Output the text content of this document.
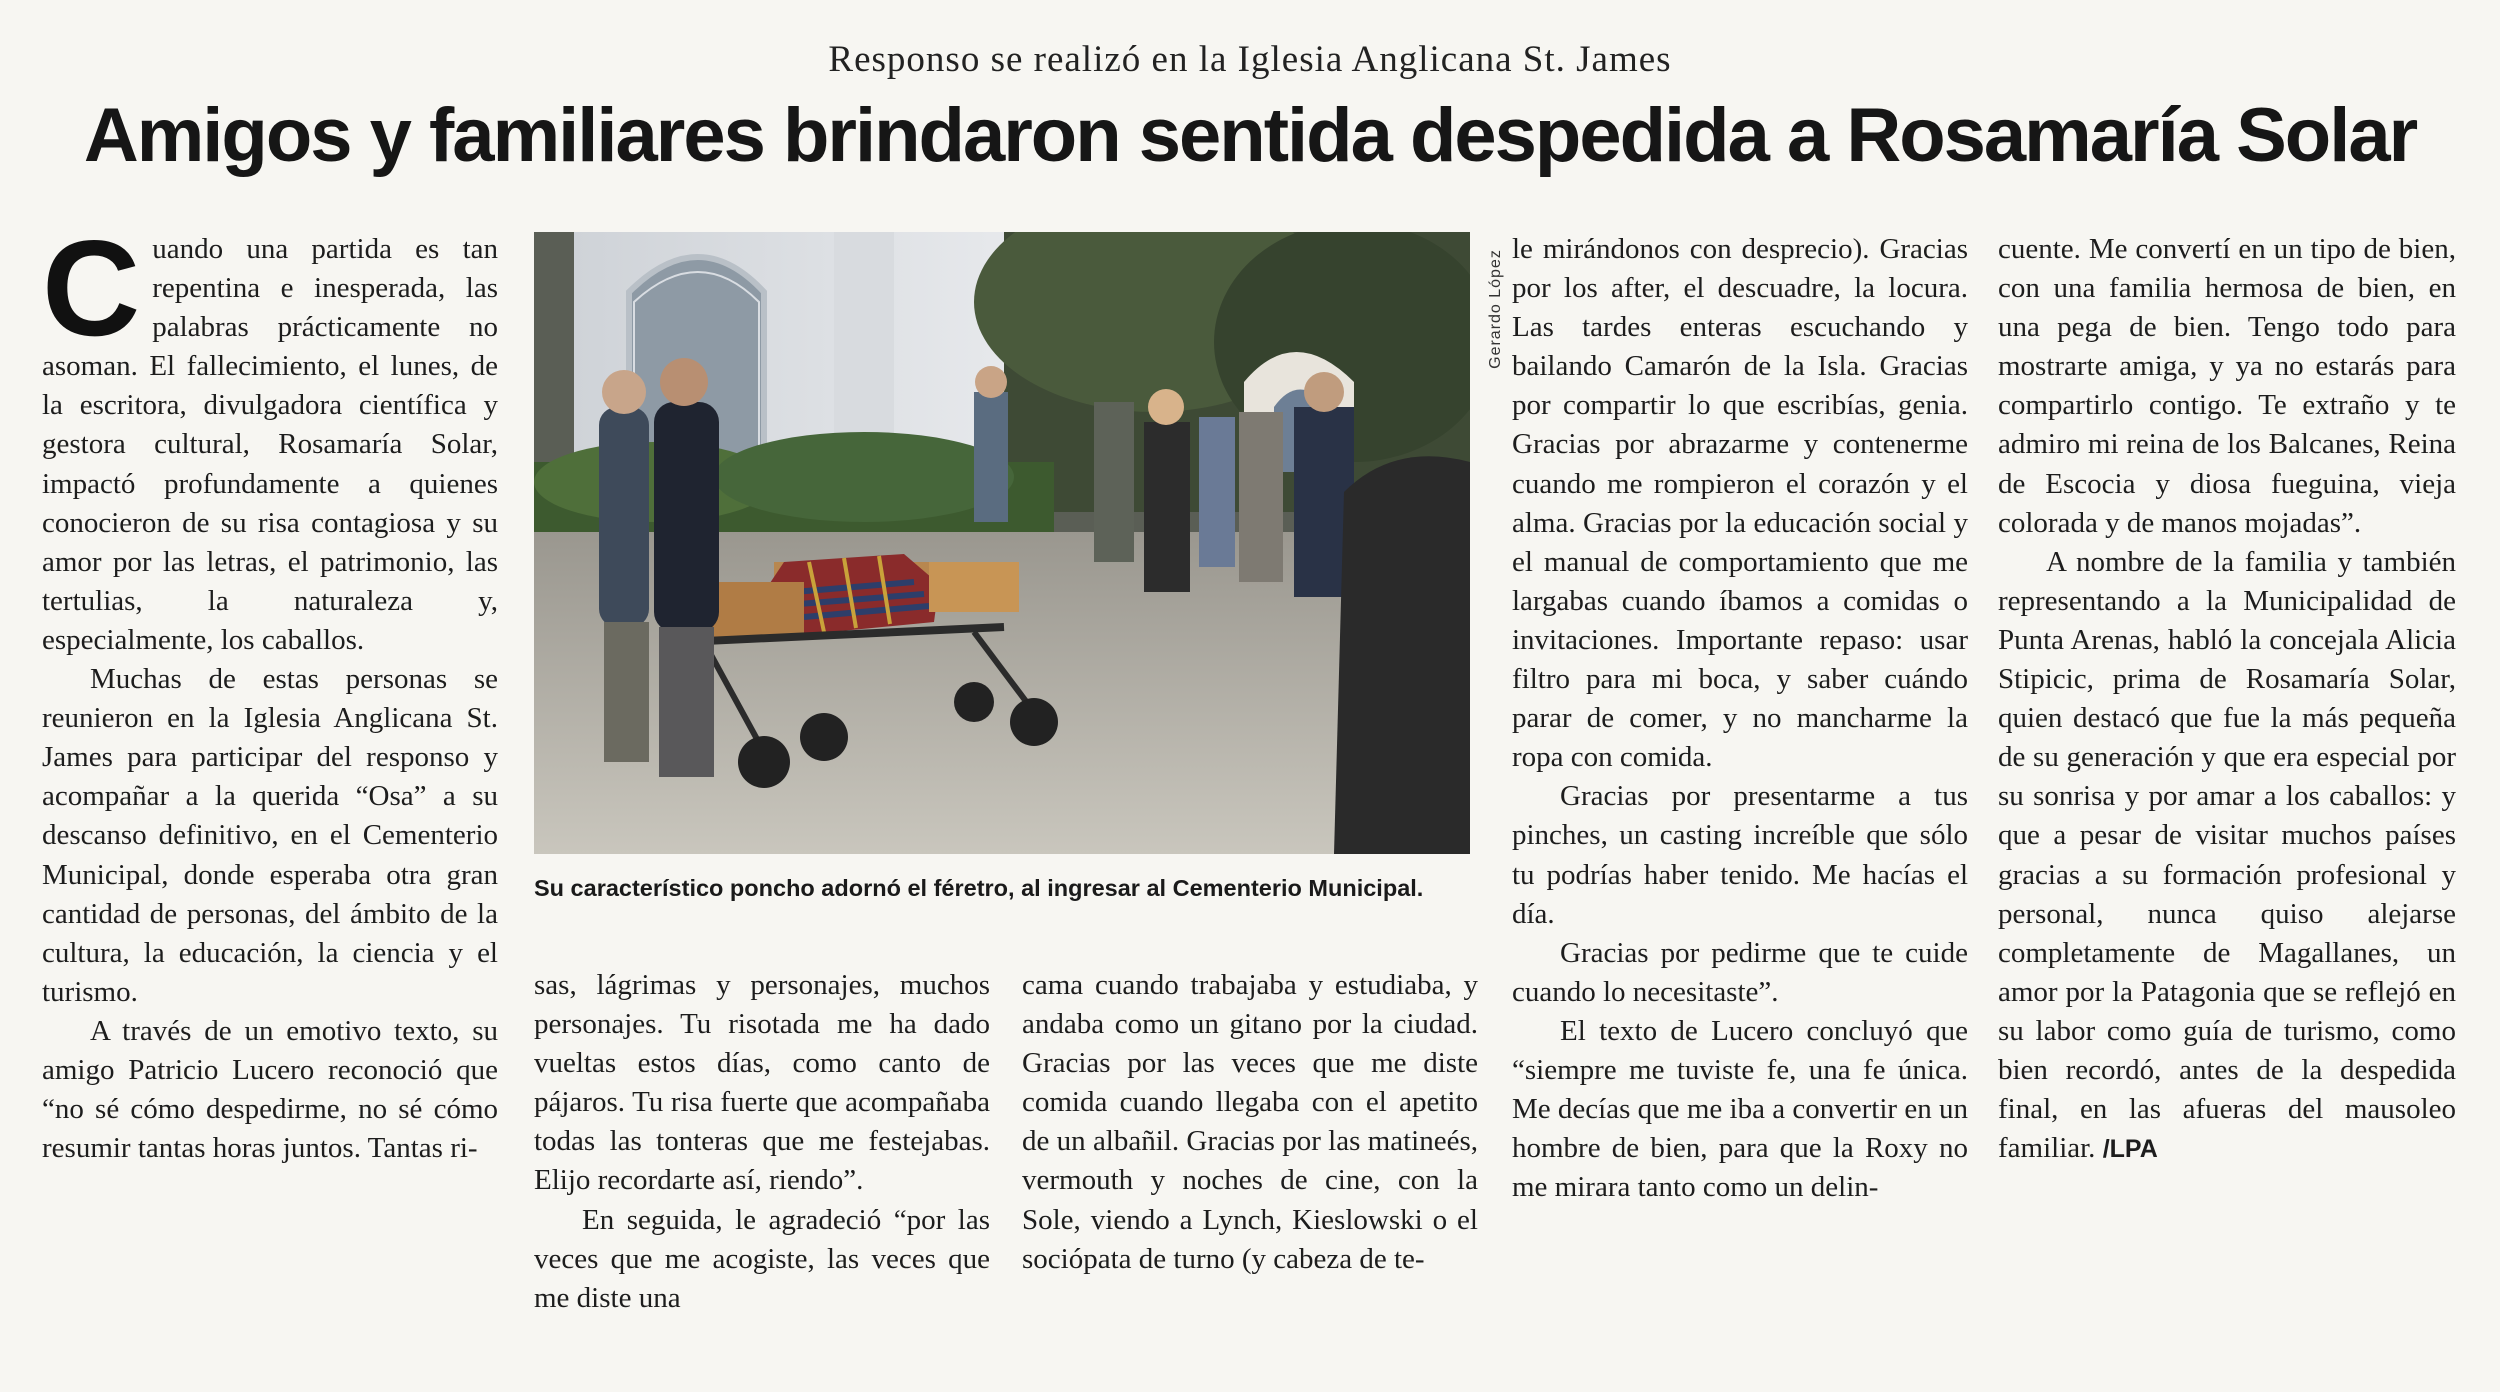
Responso se realizó en la Iglesia Anglicana St. James
Amigos y familiares brindaron sentida despedida a Rosamaría Solar

Cuando una partida es tan repentina e inesperada, las palabras prácticamente no asoman. El fallecimiento, el lunes, de la escritora, divulgadora científica y gestora cultural, Rosamaría Solar, impactó profundamente a quienes conocieron de su risa contagiosa y su amor por las letras, el patrimonio, las tertulias, la naturaleza y, especialmente, los caballos.

Muchas de estas personas se reunieron en la Iglesia Anglicana St. James para participar del responso y acompañar a la querida “Osa” a su descanso definitivo, en el Cementerio Municipal, donde esperaba otra gran cantidad de personas, del ámbito de la cultura, la educación, la ciencia y el turismo.

A través de un emotivo texto, su amigo Patricio Lucero reconoció que “no sé cómo despedirme, no sé cómo resumir tantas horas juntos. Tantas ri-

Gerardo López
Su característico poncho adornó el féretro, al ingresar al Cementerio Municipal.

sas, lágrimas y personajes, muchos personajes. Tu risotada me ha dado vueltas estos días, como canto de pájaros. Tu risa fuerte que acompañaba todas las tonteras que me festejabas. Elijo recordarte así, riendo”.

En seguida, le agradeció “por las veces que me acogiste, las veces que me diste una

cama cuando trabajaba y estudiaba, y andaba como un gitano por la ciudad. Gracias por las veces que me diste comida cuando llegaba con el apetito de un albañil. Gracias por las matineés, vermouth y noches de cine, con la Sole, viendo a Lynch, Kieslowski o el sociópata de turno (y cabeza de te-

le mirándonos con desprecio). Gracias por los after, el descuadre, la locura. Las tardes enteras escuchando y bailando Camarón de la Isla. Gracias por compartir lo que escribías, genia. Gracias por abrazarme y contenerme cuando me rompieron el corazón y el alma. Gracias por la educación social y el manual de comportamiento que me largabas cuando íbamos a comidas o invitaciones. Importante repaso: usar filtro para mi boca, y saber cuándo parar de comer, y no mancharme la ropa con comida.

Gracias por presentarme a tus pinches, un casting increíble que sólo tu podrías haber tenido. Me hacías el día.

Gracias por pedirme que te cuide cuando lo necesitaste”.

El texto de Lucero concluyó que “siempre me tuviste fe, una fe única. Me decías que me iba a convertir en un hombre de bien, para que la Roxy no me mirara tanto como un delin-

cuente. Me convertí en un tipo de bien, con una familia hermosa de bien, en una pega de bien. Tengo todo para mostrarte amiga, y ya no estarás para compartirlo contigo. Te extraño y te admiro mi reina de los Balcanes, Reina de Escocia y diosa fueguina, vieja colorada y de manos mojadas”.

A nombre de la familia y también representando a la Municipalidad de Punta Arenas, habló la concejala Alicia Stipicic, prima de Rosamaría Solar, quien destacó que fue la más pequeña de su generación y que era especial por su sonrisa y por amar a los caballos: y que a pesar de visitar muchos países gracias a su formación profesional y personal, nunca quiso alejarse completamente de Magallanes, un amor por la Patagonia que se reflejó en su labor como guía de turismo, como bien recordó, antes de la despedida final, en las afueras del mausoleo familiar. /LPA
